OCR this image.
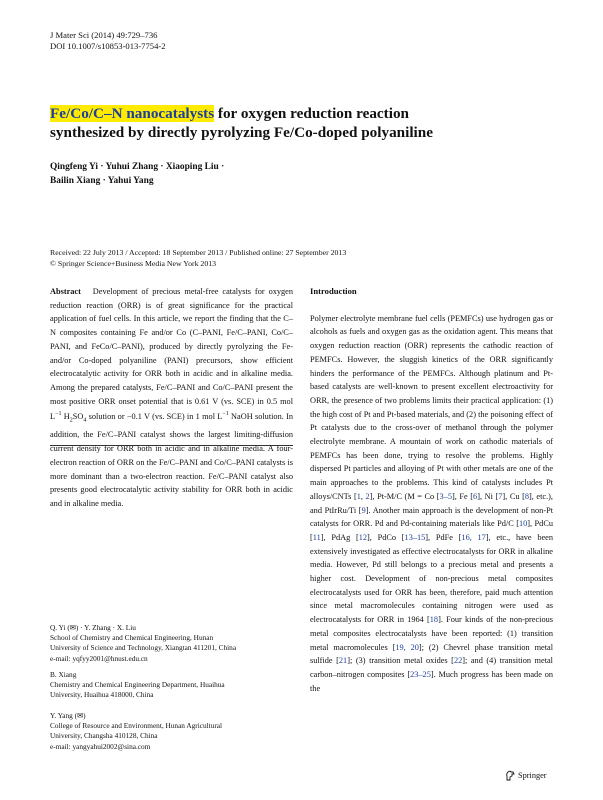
J Mater Sci (2014) 49:729–736
DOI 10.1007/s10853-013-7754-2
Fe/Co/C–N nanocatalysts for oxygen reduction reaction
synthesized by directly pyrolyzing Fe/Co-doped polyaniline
Qingfeng Yi · Yuhui Zhang · Xiaoping Liu ·
Bailin Xiang · Yahui Yang
Received: 22 July 2013 / Accepted: 18 September 2013 / Published online: 27 September 2013
© Springer Science+Business Media New York 2013

Abstract Development of precious metal-free catalysts for oxygen reduction reaction (ORR) is of great significance for the practical application of fuel cells. In this article, we report the finding that the C–N composites containing Fe and/or Co (C–PANI, Fe/C–PANI, Co/C–PANI, and FeCo/C–PANI), produced by directly pyrolyzing the Fe- and/or Co-doped polyaniline (PANI) precursors, show efficient electrocatalytic activity for ORR both in acidic and in alkaline media. Among the prepared catalysts, Fe/C–PANI and Co/C–PANI present the most positive ORR onset potential that is 0.61 V (vs. SCE) in 0.5 mol $L^{-1}$ $H_2SO_4$ solution or −0.1 V (vs. SCE) in 1 mol $L^{-1}$ NaOH solution. In addition, the Fe/C–PANI catalyst shows the largest limiting-diffusion current density for ORR both in acidic and in alkaline media. A four-electron reaction of ORR on the Fe/C–PANI and Co/C–PANI catalysts is more dominant than a two-electron reaction. Fe/C–PANI catalyst also presents good electrocatalytic activity stability for ORR both in acidic and in alkaline media.

Q. Yi (✉) · Y. Zhang · X. Liu

School of Chemistry and Chemical Engineering, Hunan

University of Science and Technology, Xiangtan 411201, China

e-mail: yqfyy2001@hnust.edu.cn

B. Xiang

Chemistry and Chemical Engineering Department, Huaihua

University, Huaihua 418000, China

Y. Yang (✉)

College of Resource and Environment, Hunan Agricultural

University, Changsha 410128, China

e-mail: yangyahui2002@sina.com

Introduction

Polymer electrolyte membrane fuel cells (PEMFCs) use hydrogen gas or alcohols as fuels and oxygen gas as the oxidation agent. This means that oxygen reduction reaction (ORR) represents the cathodic reaction of PEMFCs. However, the sluggish kinetics of the ORR significantly hinders the performance of the PEMFCs. Although platinum and Pt-based catalysts are well-known to present excellent electroactivity for ORR, the presence of two problems limits their practical application: (1) the high cost of Pt and Pt-based materials, and (2) the poisoning effect of Pt catalysts due to the cross-over of methanol through the polymer electrolyte membrane. A mountain of work on cathodic materials of PEMFCs has been done, trying to resolve the problems. Highly dispersed Pt particles and alloying of Pt with other metals are one of the main approaches to the problems. This kind of catalysts includes Pt alloys/CNTs [1, 2], Pt-M/C (M = Co [3–5], Fe [6], Ni [7], Cu [8], etc.), and PtIrRu/Ti [9]. Another main approach is the development of non-Pt catalysts for ORR. Pd and Pd-containing materials like Pd/C [10], PdCu [11], PdAg [12], PdCo [13–15], PdFe [16, 17], etc., have been extensively investigated as effective electrocatalysts for ORR in alkaline media. However, Pd still belongs to a precious metal and presents a higher cost. Development of non-precious metal composites electrocatalysts used for ORR has been, therefore, paid much attention since metal macromolecules containing nitrogen were used as electrocatalysts for ORR in 1964 [18]. Four kinds of the non-precious metal composites electrocatalysts have been reported: (1) transition metal macromolecules [19, 20]; (2) Chevrel phase transition metal sulfide [21]; (3) transition metal oxides [22]; and (4) transition metal carbon–nitrogen composites [23–25]. Much progress has been made on the

Springer
